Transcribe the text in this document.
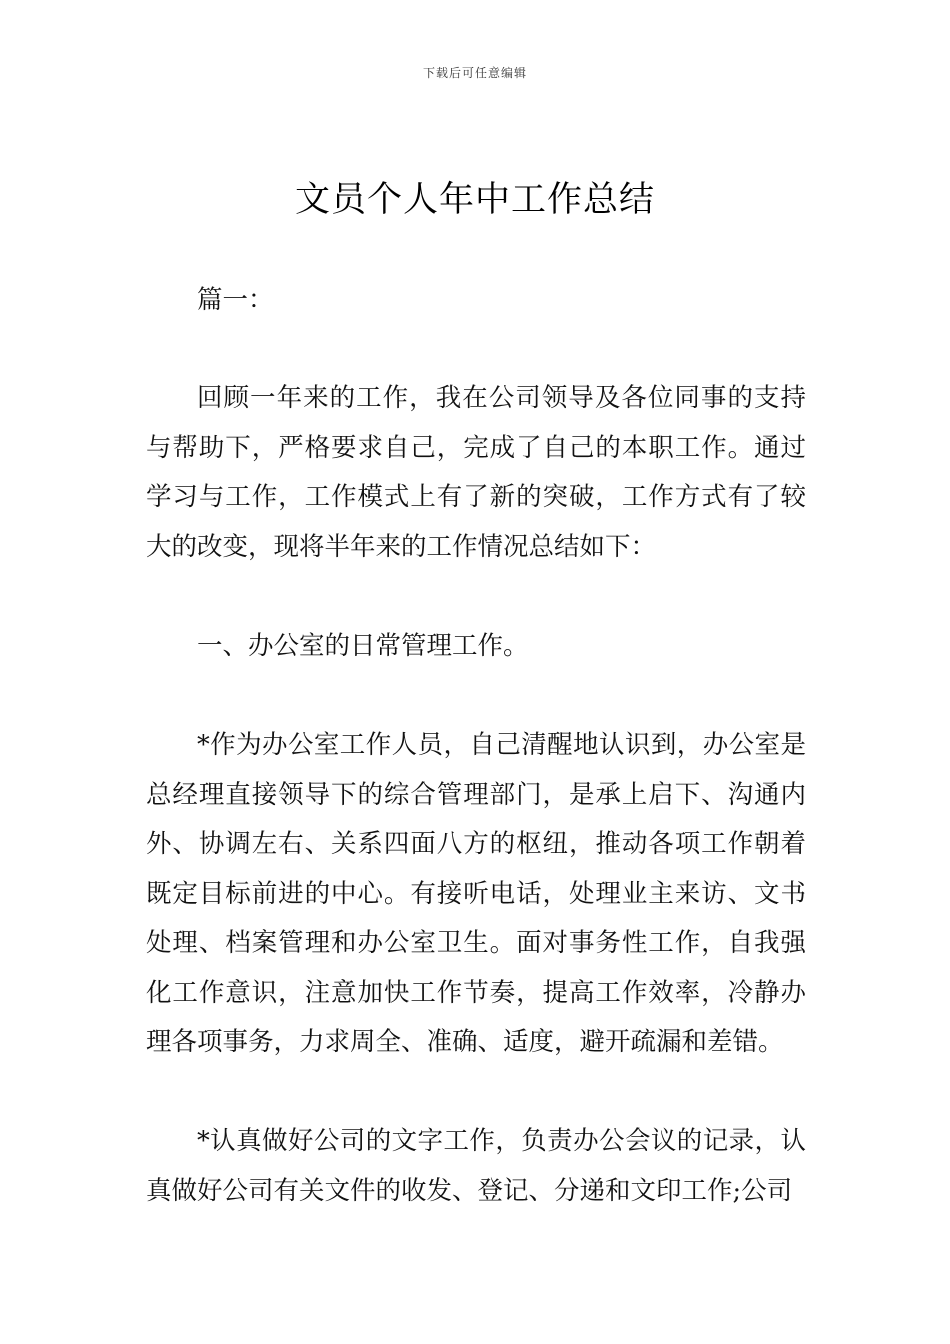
下载后可任意编辑
文员个人年中工作总结

篇一：

回顾一年来的工作，我在公司领导及各位同事的支持与帮助下，严格要求自己，完成了自己的本职工作。通过学习与工作，工作模式上有了新的突破，工作方式有了较大的改变，现将半年来的工作情况总结如下：

一、办公室的日常管理工作。

*作为办公室工作人员，自己清醒地认识到，办公室是总经理直接领导下的综合管理部门，是承上启下、沟通内外、协调左右、关系四面八方的枢纽，推动各项工作朝着既定目标前进的中心。有接听电话，处理业主来访、文书处理、档案管理和办公室卫生。面对事务性工作，自我强化工作意识，注意加快工作节奏，提高工作效率，冷静办理各项事务，力求周全、准确、适度，避开疏漏和差错。

*认真做好公司的文字工作，负责办公会议的记录，认真做好公司有关文件的收发、登记、分递和文印工作;公司
